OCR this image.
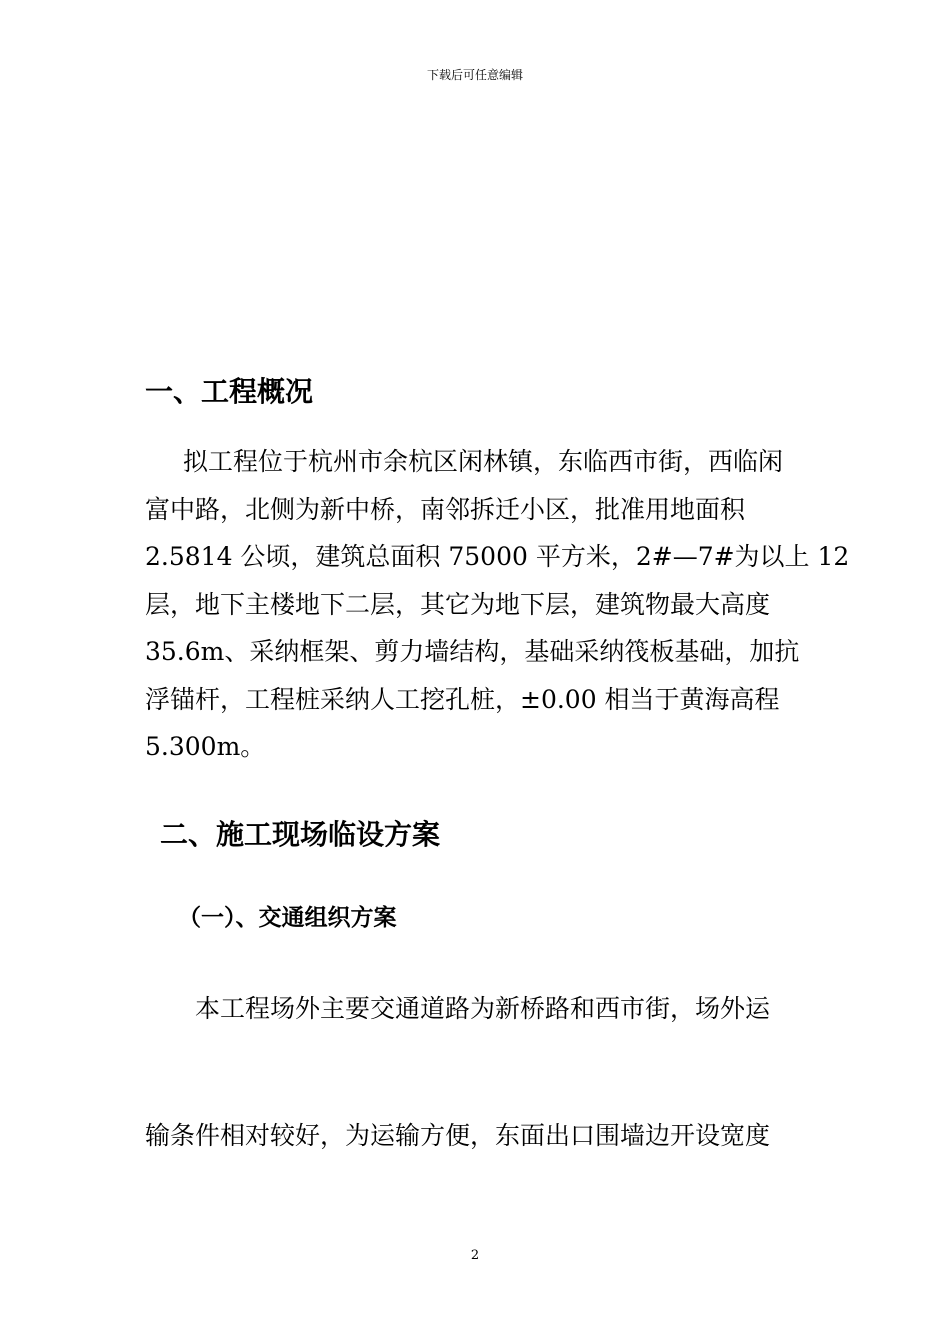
下载后可任意编辑
一、工程概况
拟工程位于杭州市余杭区闲林镇，东临西市街，西临闲
富中路，北侧为新中桥，南邻拆迁小区，批准用地面积
2.5814 公顷，建筑总面积 75000 平方米，2#—7#为以上 12
层，地下主楼地下二层，其它为地下层，建筑物最大高度
35.6m、采纳框架、剪力墙结构，基础采纳筏板基础，加抗
浮锚杆，工程桩采纳人工挖孔桩，±0.00 相当于黄海高程
5.300m。
二、施工现场临设方案
（一）、交通组织方案
本工程场外主要交通道路为新桥路和西市街，场外运
输条件相对较好，为运输方便，东面出口围墙边开设宽度
2
